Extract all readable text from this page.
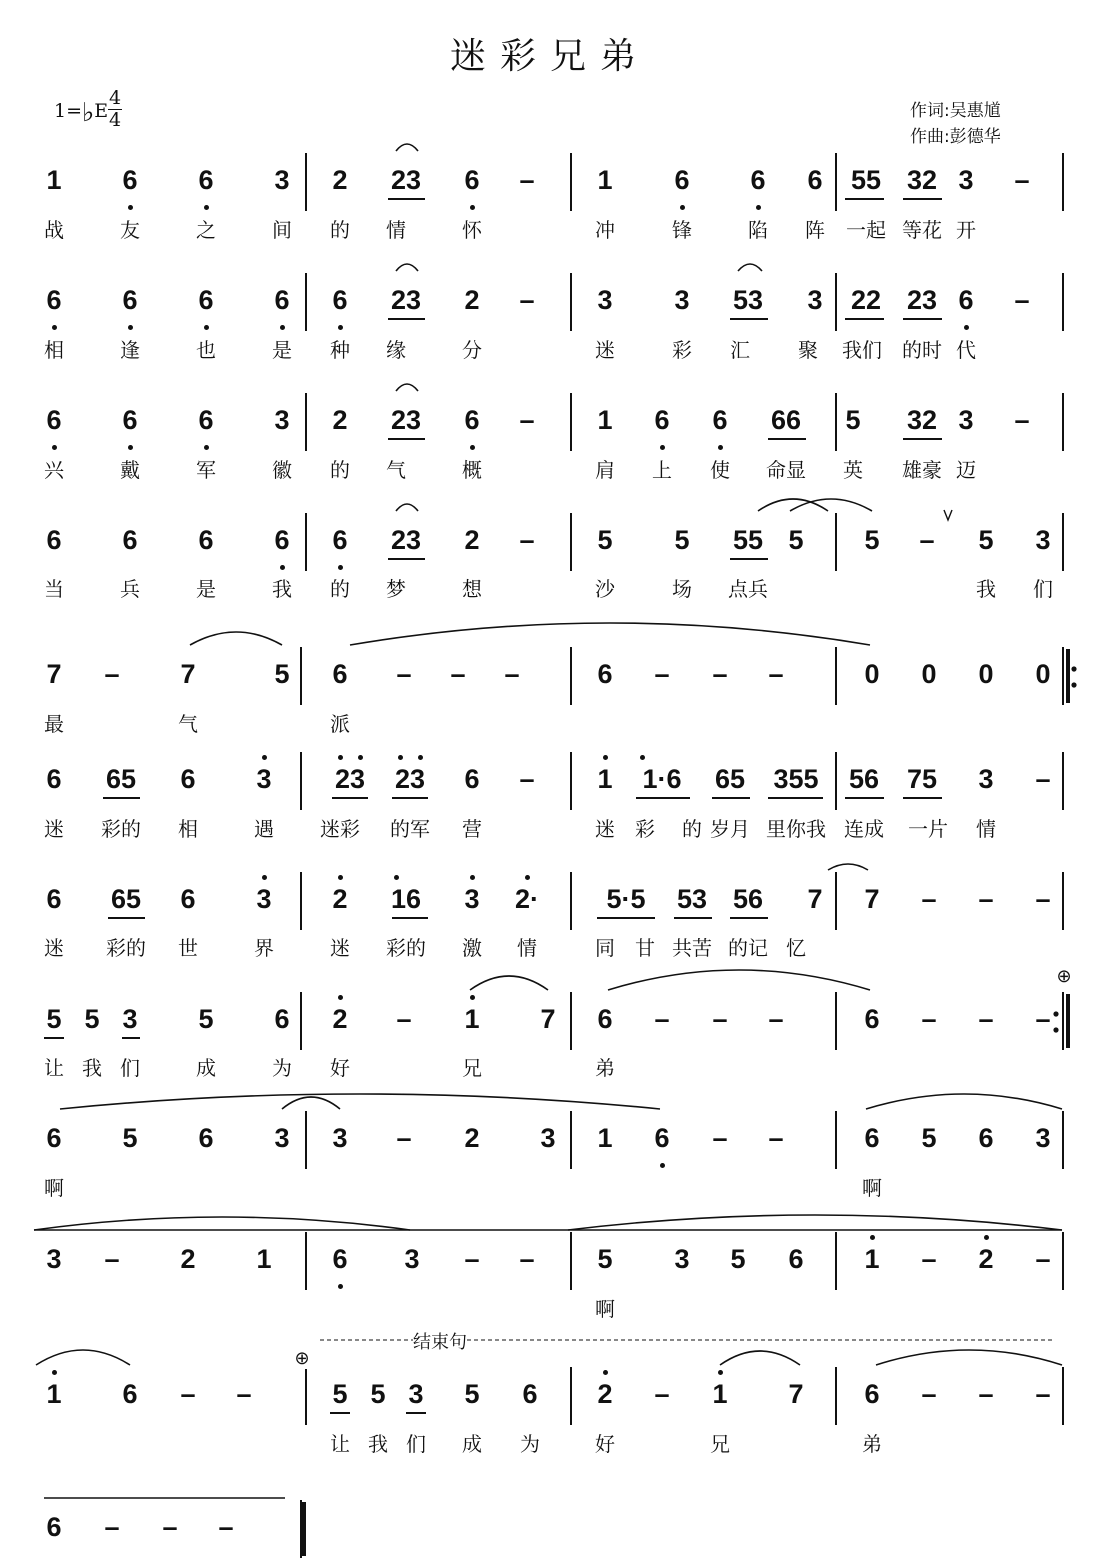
迷彩兄弟
1=♭E
4
4	作词:吴惠馗
作曲:彭德华
1 6 6 3 2 23 6 – 1 6 6 6 55 32 3 –
战	友	之	间 的 情	怀	冲	锋	陷 阵 一起 等花 开
6 6 6 6 6 23 2 – 3 3 53 3 22 23 6 –
相	逢	也	是 种 缘	分	迷	彩 汇 聚 我们 的时 代
6 6 6 3 2 23 6 – 1 6 6 66 5 32 3 –
兴	戴	军	徽 的 气	概	肩 上 使 命显 英 雄豪 迈
6 6 6 6 6 23 2 – 5 5 55 5 5 – 5 3
当	兵	是	我 的 梦	想	沙	场 点兵	我 们
7 – 7	5 6 – – –	6 – – –	0 0 0 0
最	气	派
6 65 6 3 23 23 6 – 1 1·6 65 355 56 75 3 –
迷 彩的 相	遇 迷彩 的军 营	迷 彩 的 岁月 里你我 连成 一片 情
6 65 6 3 2 16 3 2· 5·5 53 56 7 7 – – –
迷 彩的 世	界	迷 彩的 激 情	同 甘 共苦 的记 忆
5 5 3 5 6 2 – 1 7 6 – – –	6 – – –
让 我 们	成	为 好	兄	弟
6 5 6 3 3 – 2 3 1 6 – –	6 5 6 3
啊	啊
3 – 2 1 6 3 – – 5 3 5 6 1 – 2 –
啊
1 6 – –	5 5 3 5 6 2 – 1 7 6 – – –
让 我 们 成 为	好	兄	弟
6 – – –
⊕
⊕
结束句
